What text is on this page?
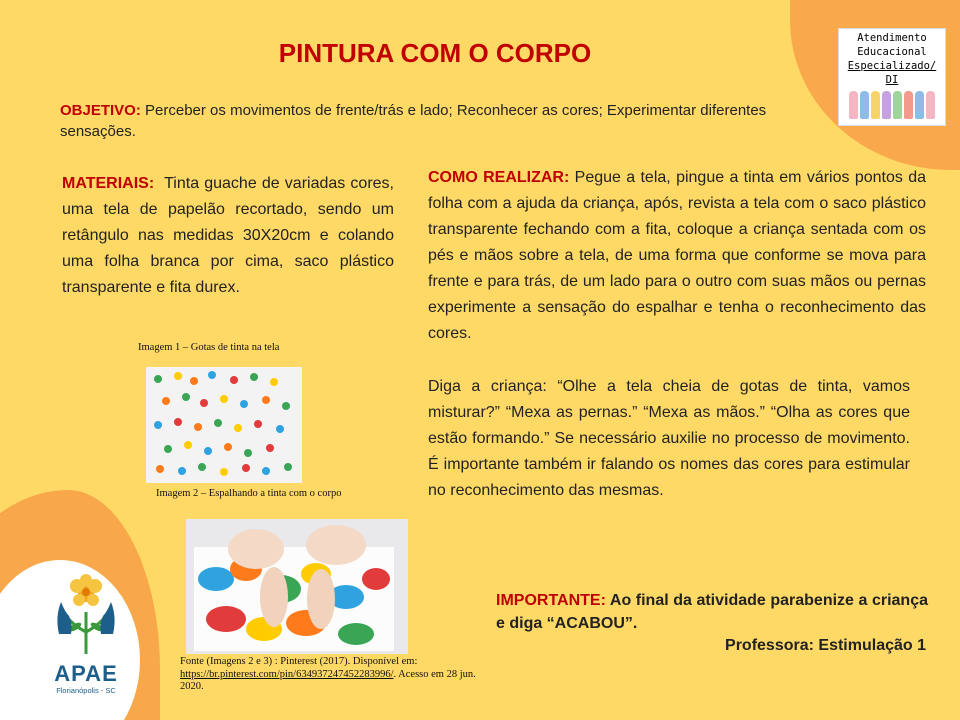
PINTURA COM O CORPO	Atendimento
Educacional
Especializado/ DI

OBJETIVO: Perceber os movimentos de frente/trás e lado; Reconhecer as cores; Experimentar diferentes sensações.

MATERIAIS:  Tinta guache de variadas cores, uma tela de papelão recortado, sendo um retângulo nas medidas 30X20cm e colando uma folha branca por cima, saco plástico transparente e fita durex.

COMO REALIZAR: Pegue a tela, pingue a tinta em vários pontos da folha com a ajuda da criança, após, revista a tela com o saco plástico transparente fechando com a fita, coloque a criança sentada com os pés e mãos sobre a tela, de uma forma que conforme se mova para frente e para trás, de um lado para o outro com suas mãos ou pernas experimente a sensação do espalhar e tenha o reconhecimento das cores.

Diga a criança: “Olhe a tela cheia de gotas de tinta, vamos misturar?” “Mexa as pernas.” “Mexa as mãos.” “Olha as cores que estão formando.” Se necessário auxilie no processo de movimento. É importante também ir falando os nomes das cores para estimular no reconhecimento das mesmas.

Imagem 1 – Gotas de tinta na tela
Imagem 2 – Espalhando a tinta com o corpo
Fonte (Imagens 2 e 3) : Pinterest (2017). Disponível em: https://br.pinterest.com/pin/634937247452283996/. Acesso em 28 jun. 2020.

IMPORTANTE: Ao final da atividade parabenize a criança e diga “ACABOU”.

Professora: Estimulação 1
APAE
Florianópolis - SC
